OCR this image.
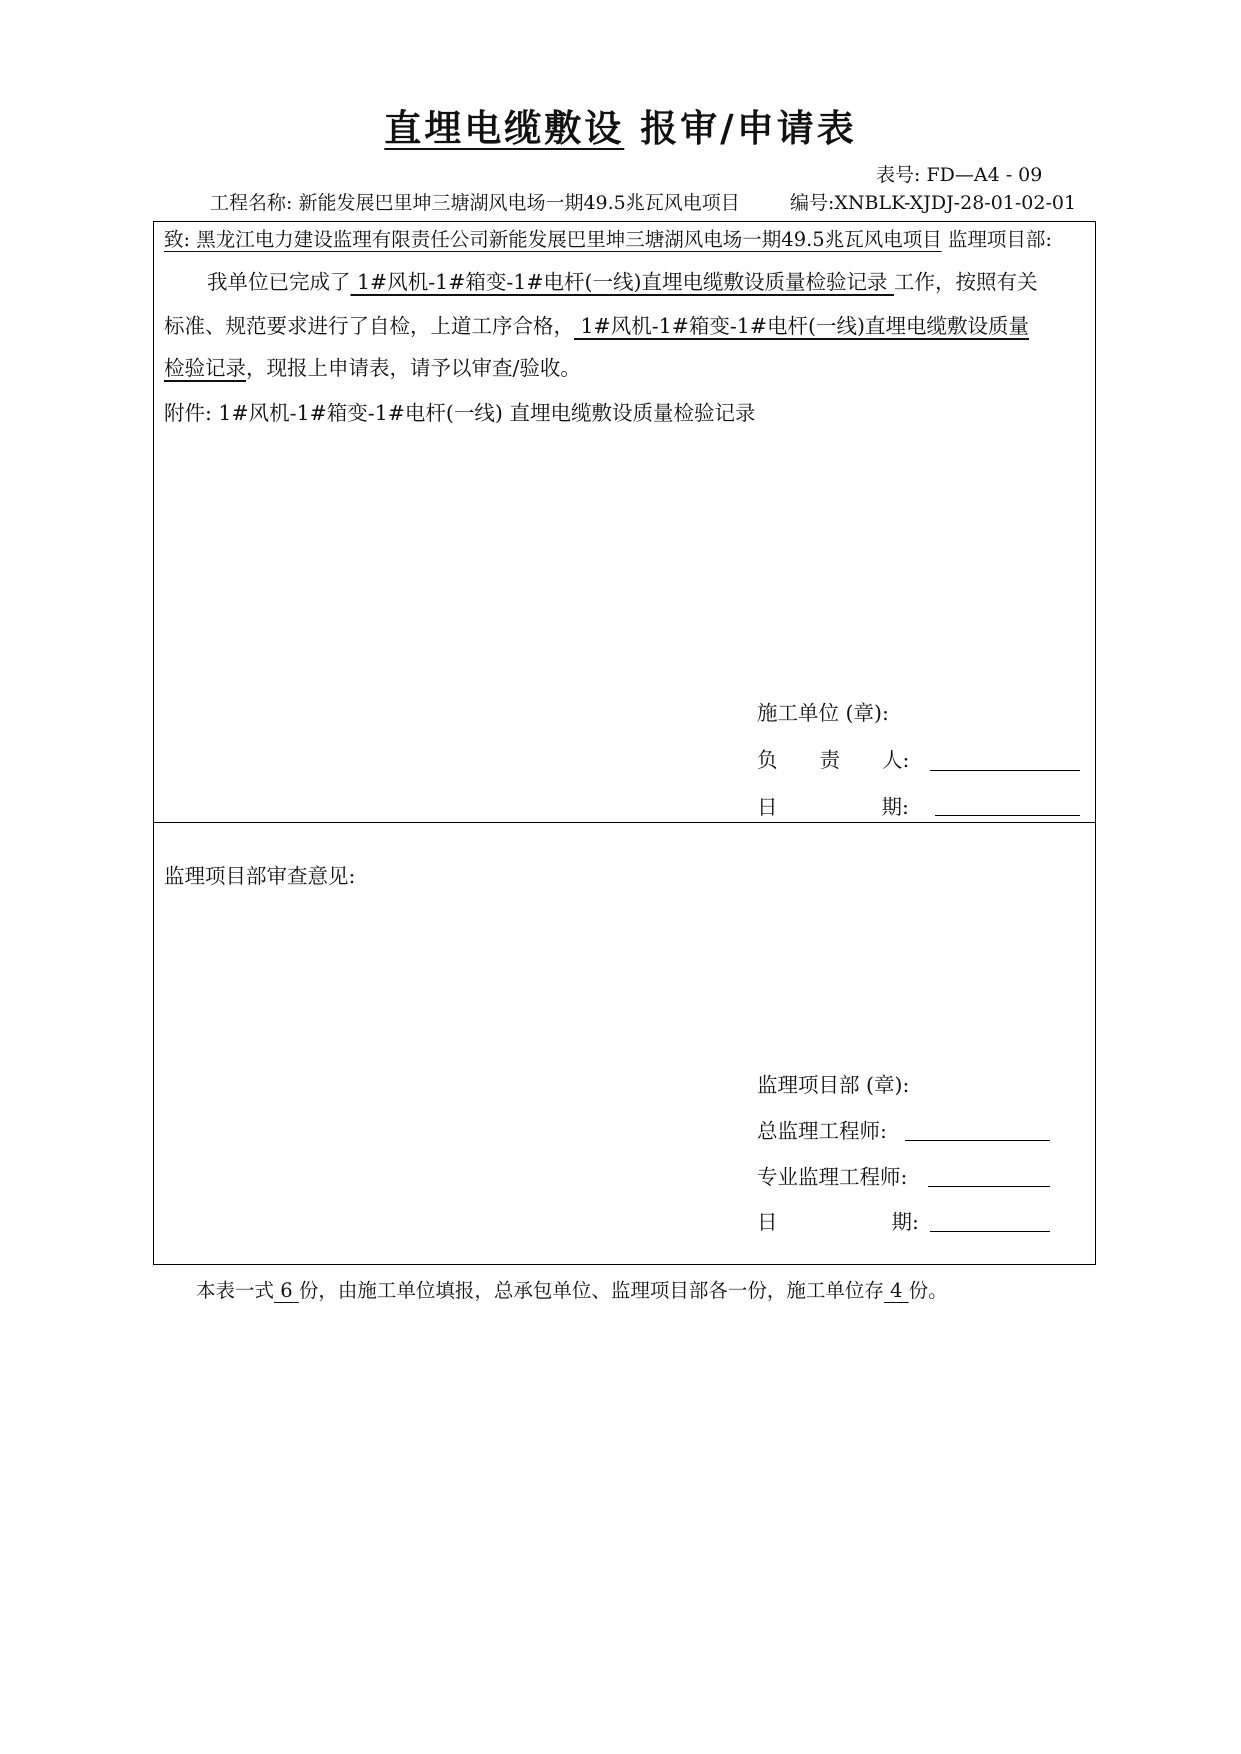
直埋电缆敷设 报审/申请表
表号: FD—A4 - 09
工程名称: 新能发展巴里坤三塘湖风电场一期49.5兆瓦风电项目	编号:XNBLK-XJDJ-28-01-02-01
致: 黑龙江电力建设监理有限责任公司新能发展巴里坤三塘湖风电场一期49.5兆瓦风电项目 监理项目部:
我单位已完成了 1#风机-1#箱变-1#电杆(一线)直埋电缆敷设质量检验记录 工作，按照有关
标准、规范要求进行了自检，上道工序合格， 1#风机-1#箱变-1#电杆(一线)直埋电缆敷设质量
检验记录，现报上申请表，请予以审查/验收。
附件: 1#风机-1#箱变-1#电杆(一线) 直埋电缆敷设质量检验记录
施工单位 (章):
负 责 人:
日	期:
监理项目部审查意见:
监理项目部 (章):
总监理工程师:
专业监理工程师:
日	期:
本表一式 6 份，由施工单位填报，总承包单位、监理项目部各一份，施工单位存 4 份。
